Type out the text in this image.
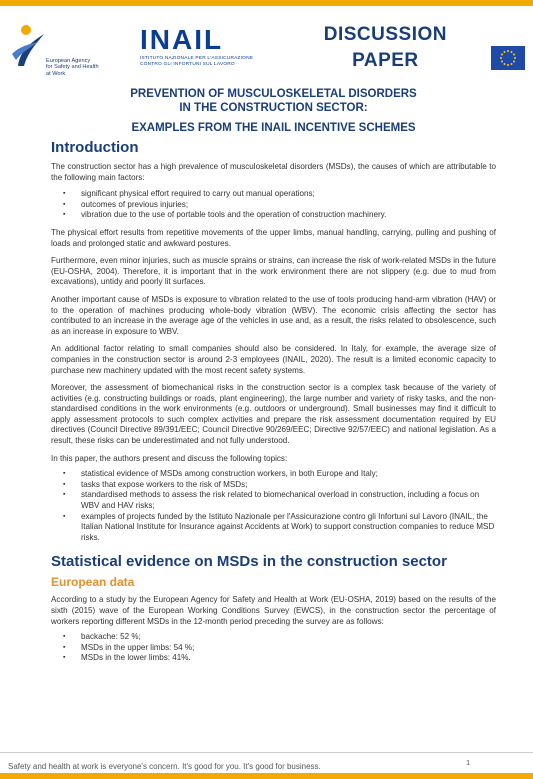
European Agency
for Safety and Health
at Work
INAIL
ISTITUTO NAZIONALE PER L'ASSICURAZIONE
CONTRO GLI INFORTUNI SUL LAVORO
DISCUSSION
PAPER
PREVENTION OF MUSCULOSKELETAL DISORDERS
IN THE CONSTRUCTION SECTOR:
EXAMPLES FROM THE INAIL INCENTIVE SCHEMES
Introduction

The construction sector has a high prevalence of musculoskeletal disorders (MSDs), the causes of which are attributable to the following main factors:

▪ significant physical effort required to carry out manual operations;
▪ outcomes of previous injuries;
▪ vibration due to the use of portable tools and the operation of construction machinery.

The physical effort results from repetitive movements of the upper limbs, manual handling, carrying, pulling and pushing of loads and prolonged static and awkward postures.

Furthermore, even minor injuries, such as muscle sprains or strains, can increase the risk of work-related MSDs in the future (EU-OSHA, 2004). Therefore, it is important that in the work environment there are not slippery (e.g. due to mud from excavations), untidy and poorly lit surfaces.

Another important cause of MSDs is exposure to vibration related to the use of tools producing hand-arm vibration (HAV) or to the operation of machines producing whole-body vibration (WBV). The economic crisis affecting the sector has contributed to an increase in the average age of the vehicles in use and, as a result, the risks related to obsolescence, such as an increase in exposure to WBV.

An additional factor relating to small companies should also be considered. In Italy, for example, the average size of companies in the construction sector is around 2-3 employees (INAIL, 2020). The result is a limited economic capacity to purchase new machinery updated with the most recent safety systems.

Moreover, the assessment of biomechanical risks in the construction sector is a complex task because of the variety of activities (e.g. constructing buildings or roads, plant engineering), the large number and variety of risky tasks, and the non-standardised conditions in the work environments (e.g. outdoors or underground). Small businesses may find it difficult to apply assessment protocols to such complex activities and prepare the risk assessment documentation required by EU directives (Council Directive 89/391/EEC; Council Directive 90/269/EEC; Directive 92/57/EEC) and national legislation. As a result, these risks can be underestimated and not fully understood.

In this paper, the authors present and discuss the following topics:

▪ statistical evidence of MSDs among construction workers, in both Europe and Italy;
▪ tasks that expose workers to the risk of MSDs;
▪ standardised methods to assess the risk related to biomechanical overload in construction, including a focus on WBV and HAV risks;
▪ examples of projects funded by the Istituto Nazionale per l'Assicurazione contro gli Infortuni sul Lavoro (INAIL, the Italian National Institute for Insurance against Accidents at Work) to support construction companies to reduce MSD risks.
Statistical evidence on MSDs in the construction sector
European data

According to a study by the European Agency for Safety and Health at Work (EU-OSHA, 2019) based on the results of the sixth (2015) wave of the European Working Conditions Survey (EWCS), in the construction sector the percentage of workers reporting different MSDs in the 12-month period preceding the survey are as follows:

▪ backache: 52 %;
▪ MSDs in the upper limbs: 54 %;
▪ MSDs in the lower limbs: 41%.
Safety and health at work is everyone's concern. It's good for you. It's good for business.	1
